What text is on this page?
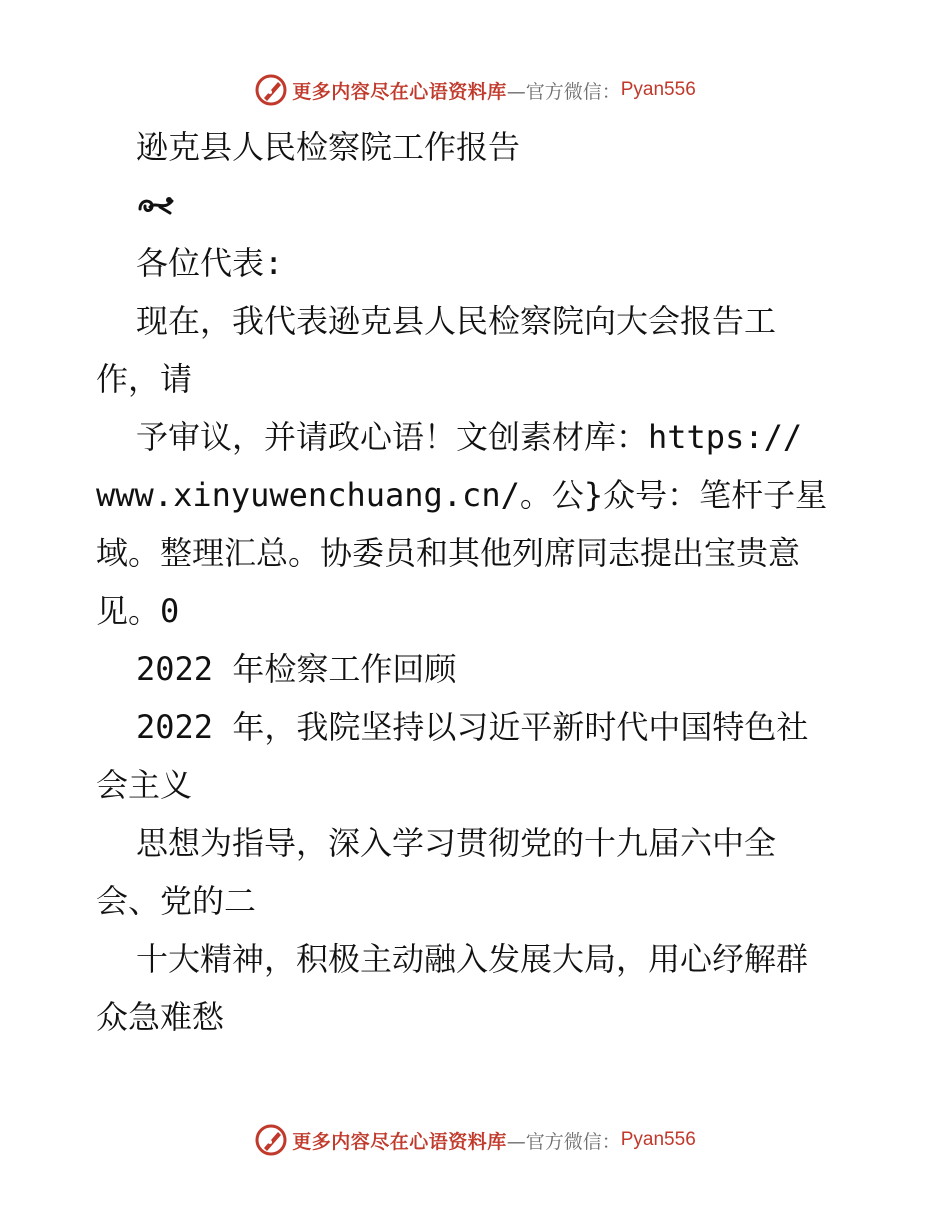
更多内容尽在心语资料库 —官方微信： Pyan556
逊克县人民检察院工作报告
各位代表:
现在，我代表逊克县人民检察院向大会报告工
作，请
予审议，并请政心语！文创素材库：https://
www.xinyuwenchuang.cn/。公}众号：笔杆子星
域。整理汇总。协委员和其他列席同志提出宝贵意
见。0
2022 年检察工作回顾
2022 年，我院坚持以习近平新时代中国特色社
会主义
思想为指导，深入学习贯彻党的十九届六中全
会、党的二
十大精神，积极主动融入发展大局，用心纾解群
众急难愁
更多内容尽在心语资料库 —官方微信： Pyan556
